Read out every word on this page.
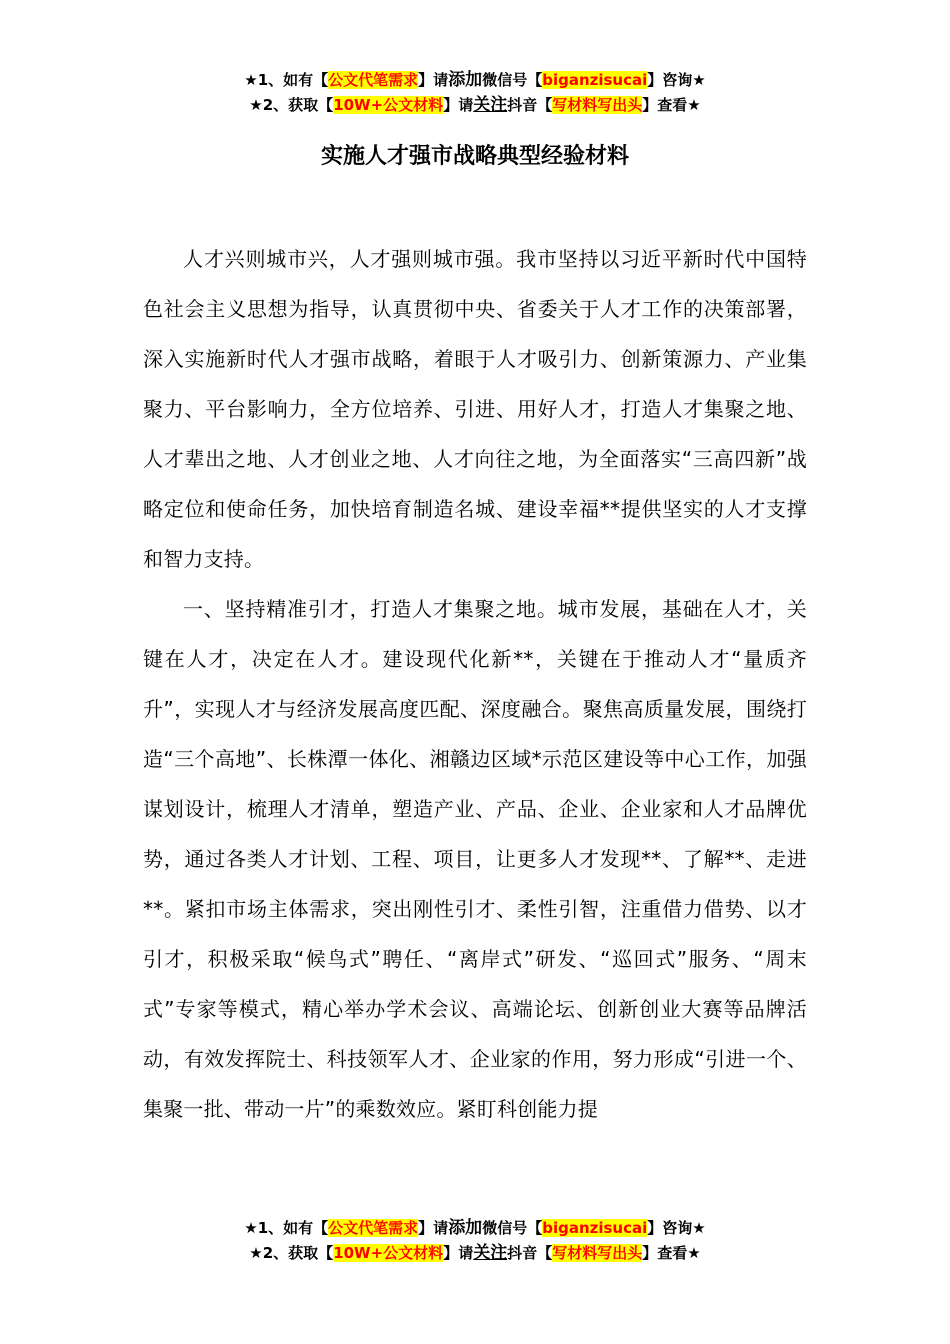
★1、如有【公文代笔需求】请添加微信号【biganzisucai】咨询★
★2、获取【10W+公文材料】请关注抖音【写材料写出头】查看★
实施人才强市战略典型经验材料

人才兴则城市兴，人才强则城市强。我市坚持以习近平新时代中国特色社会主义思想为指导，认真贯彻中央、省委关于人才工作的决策部署，深入实施新时代人才强市战略，着眼于人才吸引力、创新策源力、产业集聚力、平台影响力，全方位培养、引进、用好人才，打造人才集聚之地、人才辈出之地、人才创业之地、人才向往之地，为全面落实“三高四新”战略定位和使命任务，加快培育制造名城、建设幸福**提供坚实的人才支撑和智力支持。

一、坚持精准引才，打造人才集聚之地。城市发展，基础在人才，关键在人才，决定在人才。建设现代化新**，关键在于推动人才“量质齐升”，实现人才与经济发展高度匹配、深度融合。聚焦高质量发展，围绕打造“三个高地”、长株潭一体化、湘赣边区域*示范区建设等中心工作，加强谋划设计，梳理人才清单，塑造产业、产品、企业、企业家和人才品牌优势，通过各类人才计划、工程、项目，让更多人才发现**、了解**、走进**。紧扣市场主体需求，突出刚性引才、柔性引智，注重借力借势、以才引才，积极采取“候鸟式”聘任、“离岸式”研发、“巡回式”服务、“周末式”专家等模式，精心举办学术会议、高端论坛、创新创业大赛等品牌活动，有效发挥院士、科技领军人才、企业家的作用，努力形成“引进一个、集聚一批、带动一片”的乘数效应。紧盯科创能力提

★1、如有【公文代笔需求】请添加微信号【biganzisucai】咨询★
★2、获取【10W+公文材料】请关注抖音【写材料写出头】查看★
